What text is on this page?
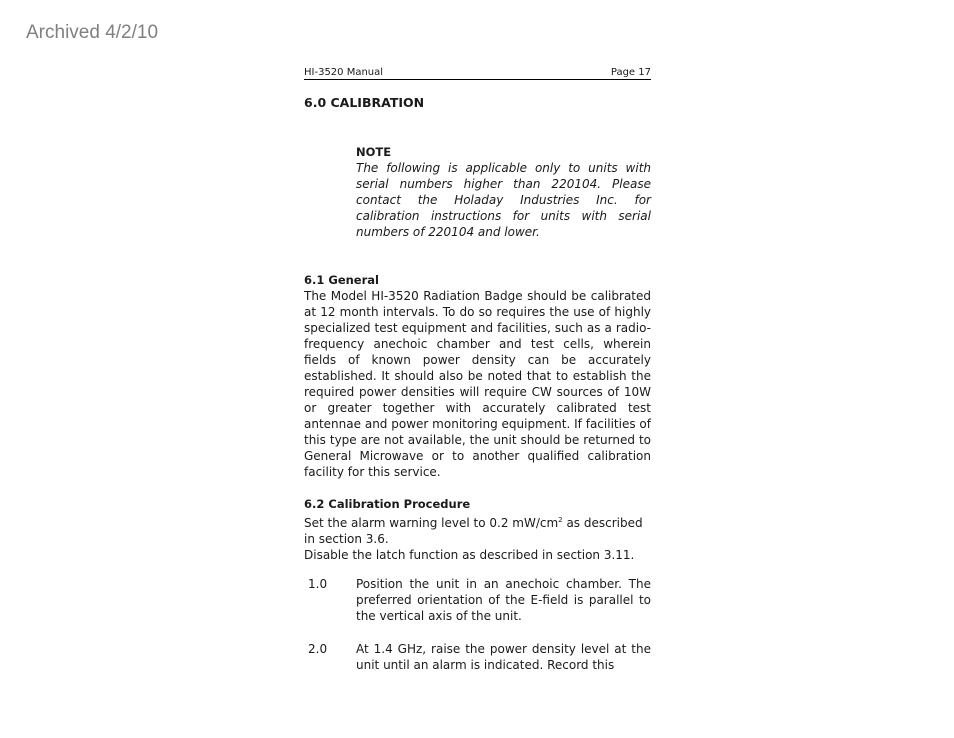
Archived 4/2/10
HI-3520 Manual	Page 17
6.0 CALIBRATION
NOTE
The following is applicable only to units with serial numbers higher than 220104. Please contact the Holaday Industries Inc. for calibration instructions for units with serial numbers of 220104 and lower.
6.1 General
The Model HI-3520 Radiation Badge should be calibrated at 12 month intervals. To do so requires the use of highly specialized test equipment and facilities, such as a radio-frequency anechoic chamber and test cells, wherein fields of known power density can be accurately established. It should also be noted that to establish the required power densities will require CW sources of 10W or greater together with accurately calibrated test antennae and power monitoring equipment. If facilities of this type are not available, the unit should be returned to General Microwave or to another qualified calibration facility for this service.
6.2 Calibration Procedure
Set the alarm warning level to 0.2 $mW/cm^2$ as described in section 3.6.
Disable the latch function as described in section 3.11.
1.0 Position the unit in an anechoic chamber. The preferred orientation of the E-field is parallel to the vertical axis of the unit.
2.0 At 1.4 GHz, raise the power density level at the unit until an alarm is indicated. Record this
